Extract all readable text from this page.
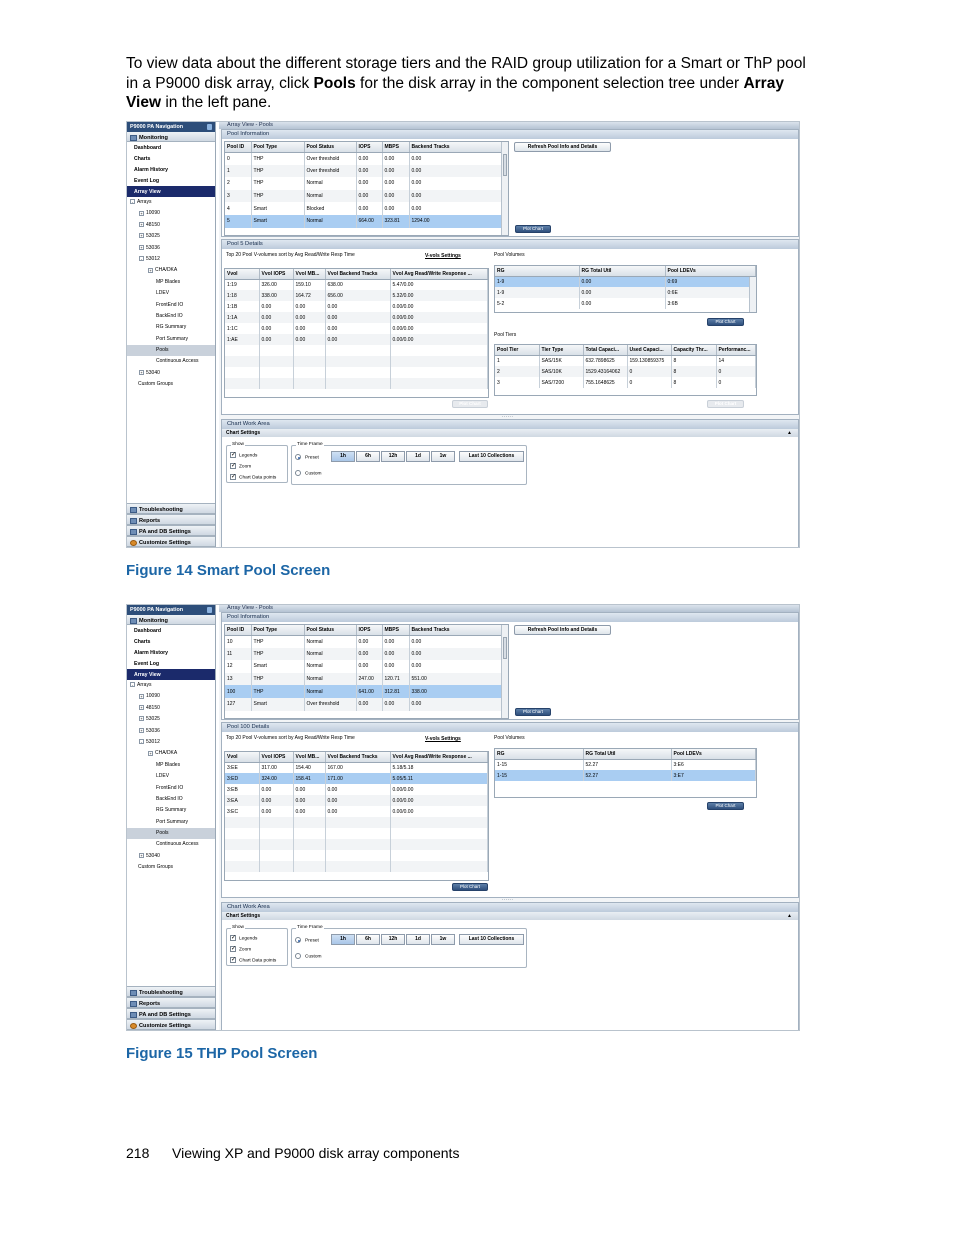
To view data about the different storage tiers and the RAID group utilization for a Smart or ThP pool in a P9000 disk array, click Pools for the disk array in the component selection tree under Array View in the left pane.
P9000 PA Navigation
Monitoring
Dashboard
Charts
Alarm History
Event Log
Array View
- Arrays
+ 10090
+ 48150
+ 53025
+ 53036
- 53012
+ CHA/DKA
MP Blades
LDEV
FrontEnd IO
BackEnd IO
RG Summary
Port Summary
Pools
Continuous Access
+ 53040
Custom Groups
Troubleshooting
Reports
PA and DB Settings
Customize Settings
Array View - Pools
Pool Information
Pool ID	Pool Type	Pool Status	IOPS	MBPS	Backend Tracks
0	THP	Over threshold	0.00	0.00	0.00
1	THP	Over threshold	0.00	0.00	0.00
2	THP	Normal	0.00	0.00	0.00
3	THP	Normal	0.00	0.00	0.00
4	Smart	Blocked	0.00	0.00	0.00
5	Smart	Normal	664.00	323.81	1294.00
Refresh Pool Info and Details
Plot Chart
Pool 5 Details
Top 20 Pool V-volumes sort by Avg Read/Write Resp Time	V-vols Settings	Pool Volumes
Vvol	Vvol IOPS	Vvol MB...	Vvol Backend Tracks	Vvol Avg Read/Write Response ...
1:19	326.00	159.10	638.00	5.47/0.00
1:18	338.00	164.72	656.00	5.32/0.00
1:1B	0.00	0.00	0.00	0.00/0.00
1:1A	0.00	0.00	0.00	0.00/0.00
1:1C	0.00	0.00	0.00	0.00/0.00
1:AE	0.00	0.00	0.00	0.00/0.00

Plot Chart
RG	RG Total Util	Pool LDEVs
1-9	0.00	0:69
1-9	0.00	0:6E
5-2	0.00	3:6B
Plot Chart
Pool Tiers
Pool Tier	Tier Type	Total Capaci...	Used Capaci...	Capacity Thr...	Performanc...
1	SAS/15K	632.7898625	159.130859375	8	14
2	SAS/10K	1529.43164062	0	8	0
3	SAS/7200	755.1648625	0	8	0
Plot Chart
......
Chart Work Area
Chart Settings	▲
Show
✓ Legends
✓ Zoom
✓ Chart Data points
Time Frame
Preset
Custom
1h	6h	12h	1d	1w	Last 10 Collections
Figure 14 Smart Pool Screen
P9000 PA Navigation
Monitoring
Dashboard
Charts
Alarm History
Event Log
Array View
- Arrays
+ 10090
+ 48150
+ 53025
+ 53036
- 53012
+ CHA/DKA
MP Blades
LDEV
FrontEnd IO
BackEnd IO
RG Summary
Port Summary
Pools
Continuous Access
+ 53040
Custom Groups
Troubleshooting
Reports
PA and DB Settings
Customize Settings
Array View - Pools
Pool Information
Pool ID	Pool Type	Pool Status	IOPS	MBPS	Backend Tracks
10	THP	Normal	0.00	0.00	0.00
11	THP	Normal	0.00	0.00	0.00
12	Smart	Normal	0.00	0.00	0.00
13	THP	Normal	247.00	120.71	551.00
100	THP	Normal	641.00	312.81	338.00
127	Smart	Over threshold	0.00	0.00	0.00
Refresh Pool Info and Details
Plot Chart
Pool 100 Details
Top 20 Pool V-volumes sort by Avg Read/Write Resp Time	V-vols Settings	Pool Volumes
Vvol	Vvol IOPS	Vvol MB...	Vvol Backend Tracks	Vvol Avg Read/Write Response ...
3:EE	317.00	154.40	167.00	5.18/5.18
3:ED	324.00	158.41	171.00	5.05/5.11
3:EB	0.00	0.00	0.00	0.00/0.00
3:EA	0.00	0.00	0.00	0.00/0.00
3:EC	0.00	0.00	0.00	0.00/0.00

Plot Chart
RG	RG Total Util	Pool LDEVs
1-15	52.27	3:E6
1-15	52.27	3:E7
Plot Chart
......
Chart Work Area
Chart Settings	▲
Show
✓ Legends
✓ Zoom
✓ Chart Data points
Time Frame
Preset
Custom
1h	6h	12h	1d	1w	Last 10 Collections
Figure 15 THP Pool Screen
218 Viewing XP and P9000 disk array components
